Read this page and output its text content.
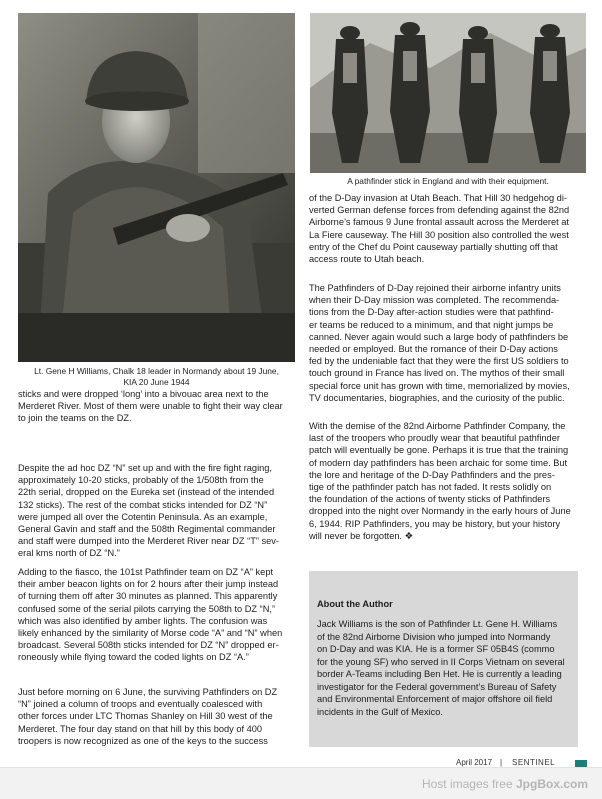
Lt. Gene H Williams, Chalk 18 leader in Normandy about 19 June,
KIA 20 June 1944
A pathfinder stick in England and with their equipment.
sticks and were dropped ‘long’ into a bivouac area next to the
Merderet River. Most of them were unable to fight their way clear
to join the teams on the DZ.
Despite the ad hoc DZ “N” set up and with the fire fight raging,
approximately 10-20 sticks, probably of the 1/508th from the
22th serial, dropped on the Eureka set (instead of the intended
132 sticks). The rest of the combat sticks intended for DZ “N”
were jumped all over the Cotentin Peninsula. As an example,
General Gavin and staff and the 508th Regimental commander
and staff were dumped into the Merderet River near DZ “T” sev-
eral kms north of DZ “N.”
Adding to the fiasco, the 101st Pathfinder team on DZ “A” kept
their amber beacon lights on for 2 hours after their jump instead
of turning them off after 30 minutes as planned. This apparently
confused some of the serial pilots carrying the 508th to DZ “N,”
which was also identified by amber lights. The confusion was
likely enhanced by the similarity of Morse code “A” and “N” when
broadcast. Several 508th sticks intended for DZ “N” dropped er-
roneously while flying toward the coded lights on DZ “A.”
Just before morning on 6 June, the surviving Pathfinders on DZ
“N” joined a column of troops and eventually coalesced with
other forces under LTC Thomas Shanley on Hill 30 west of the
Merderet. The four day stand on that hill by this body of 400
troopers is now recognized as one of the keys to the success
of the D-Day invasion at Utah Beach. That Hill 30 hedgehog di-
verted German defense forces from defending against the 82nd
Airborne’s famous 9 June frontal assault across the Merderet at
La Fiere causeway. The Hill 30 position also controlled the west
entry of the Chef du Point causeway partially shutting off that
access route to Utah beach.
The Pathfinders of D-Day rejoined their airborne infantry units
when their D-Day mission was completed. The recommenda-
tions from the D-Day after-action studies were that pathfind-
er teams be reduced to a minimum, and that night jumps be
canned. Never again would such a large body of pathfinders be
needed or employed. But the romance of their D-Day actions
fed by the undeniable fact that they were the first US soldiers to
touch ground in France has lived on. The mythos of their small
special force unit has grown with time, memorialized by movies,
TV documentaries, biographies, and the curiosity of the public.
With the demise of the 82nd Airborne Pathfinder Company, the
last of the troopers who proudly wear that beautiful pathfinder
patch will eventually be gone. Perhaps it is true that the training
of modern day pathfinders has been archaic for some time. But
the lore and heritage of the D-Day Pathfinders and the pres-
tige of the pathfinder patch has not faded. It rests solidly on
the foundation of the actions of twenty sticks of Pathfinders
dropped into the night over Normandy in the early hours of June
6, 1944. RIP Pathfinders, you may be history, but your history
will never be forgotten. ❖
About the Author
Jack Williams is the son of Pathfinder Lt. Gene H. Williams
of the 82nd Airborne Division who jumped into Normandy
on D-Day and was KIA. He is a former SF 05B4S (commo
for the young SF) who served in II Corps Vietnam on several
border A-Teams including Ben Het. He is currently a leading
investigator for the Federal government’s Bureau of Safety
and Environmental Enforcement of major offshore oil field
incidents in the Gulf of Mexico.
April 2017 | SENTINEL
Host images free JpgBox.com
